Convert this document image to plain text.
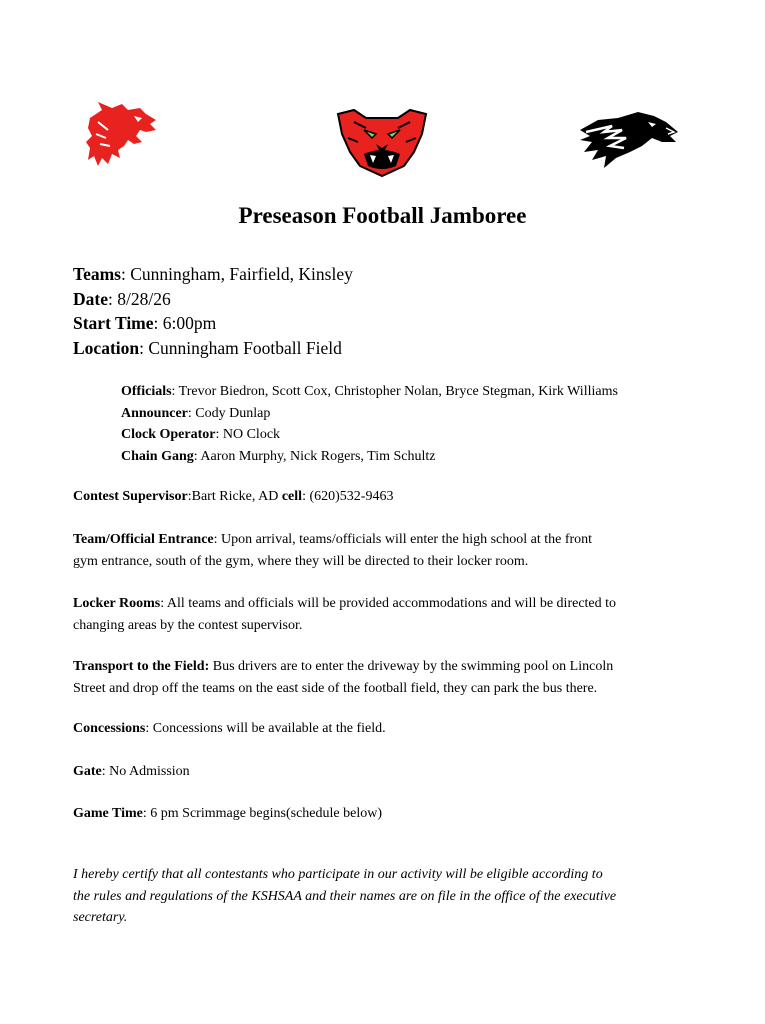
Preseason Football Jamboree
Teams: Cunningham, Fairfield, Kinsley
Date: 8/28/26
Start Time: 6:00pm
Location: Cunningham Football Field
Officials: Trevor Biedron, Scott Cox, Christopher Nolan, Bryce Stegman, Kirk Williams
Announcer: Cody Dunlap
Clock Operator: NO Clock
Chain Gang: Aaron Murphy, Nick Rogers, Tim Schultz
Contest Supervisor:Bart Ricke, AD cell: (620)532-9463
Team/Official Entrance: Upon arrival, teams/officials will enter the high school at the front
gym entrance, south of the gym, where they will be directed to their locker room.
Locker Rooms: All teams and officials will be provided accommodations and will be directed to
changing areas by the contest supervisor.
Transport to the Field: Bus drivers are to enter the driveway by the swimming pool on Lincoln
Street and drop off the teams on the east side of the football field, they can park the bus there.
Concessions: Concessions will be available at the field.
Gate: No Admission
Game Time: 6 pm Scrimmage begins(schedule below)
I hereby certify that all contestants who participate in our activity will be eligible according to
the rules and regulations of the KSHSAA and their names are on file in the office of the executive
secretary.
